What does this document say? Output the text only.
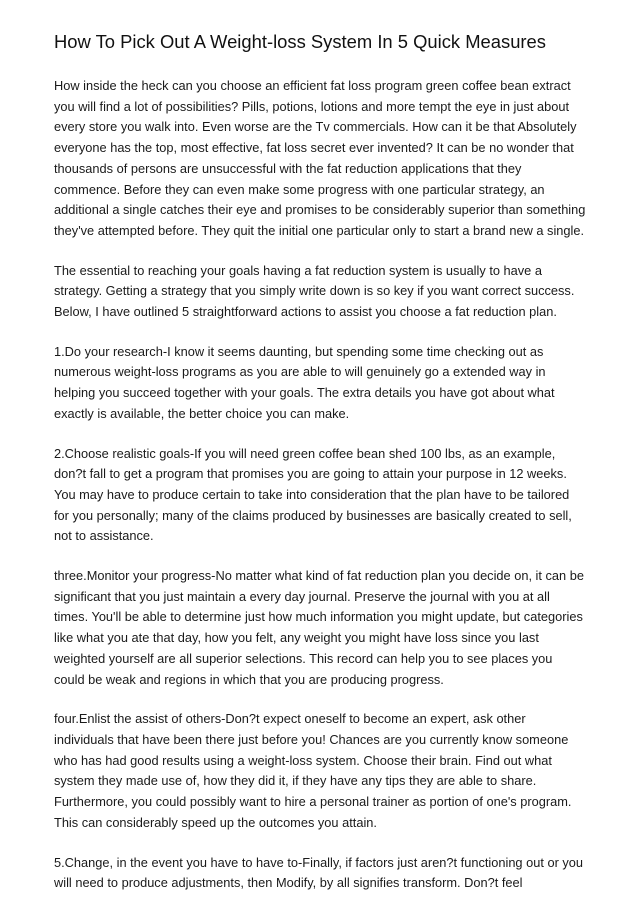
How To Pick Out A Weight-loss System In 5 Quick Measures

How inside the heck can you choose an efficient fat loss program green coffee bean extract you will find a lot of possibilities? Pills, potions, lotions and more tempt the eye in just about every store you walk into. Even worse are the Tv commercials. How can it be that Absolutely everyone has the top, most effective, fat loss secret ever invented? It can be no wonder that thousands of persons are unsuccessful with the fat reduction applications that they commence. Before they can even make some progress with one particular strategy, an additional a single catches their eye and promises to be considerably superior than something they've attempted before. They quit the initial one particular only to start a brand new a single.

The essential to reaching your goals having a fat reduction system is usually to have a strategy. Getting a strategy that you simply write down is so key if you want correct success. Below, I have outlined 5 straightforward actions to assist you choose a fat reduction plan.

1.Do your research-I know it seems daunting, but spending some time checking out as numerous weight-loss programs as you are able to will genuinely go a extended way in helping you succeed together with your goals. The extra details you have got about what exactly is available, the better choice you can make.

2.Choose realistic goals-If you will need green coffee bean shed 100 lbs, as an example, don?t fall to get a program that promises you are going to attain your purpose in 12 weeks. You may have to produce certain to take into consideration that the plan have to be tailored for you personally; many of the claims produced by businesses are basically created to sell, not to assistance.

three.Monitor your progress-No matter what kind of fat reduction plan you decide on, it can be significant that you just maintain a every day journal. Preserve the journal with you at all times. You'll be able to determine just how much information you might update, but categories like what you ate that day, how you felt, any weight you might have loss since you last weighted yourself are all superior selections. This record can help you to see places you could be weak and regions in which that you are producing progress.

four.Enlist the assist of others-Don?t expect oneself to become an expert, ask other individuals that have been there just before you! Chances are you currently know someone who has had good results using a weight-loss system. Choose their brain. Find out what system they made use of, how they did it, if they have any tips they are able to share. Furthermore, you could possibly want to hire a personal trainer as portion of one's program. This can considerably speed up the outcomes you attain.

5.Change, in the event you have to have to-Finally, if factors just aren?t functioning out or you will need to produce adjustments, then Modify, by all signifies transform. Don?t feel
